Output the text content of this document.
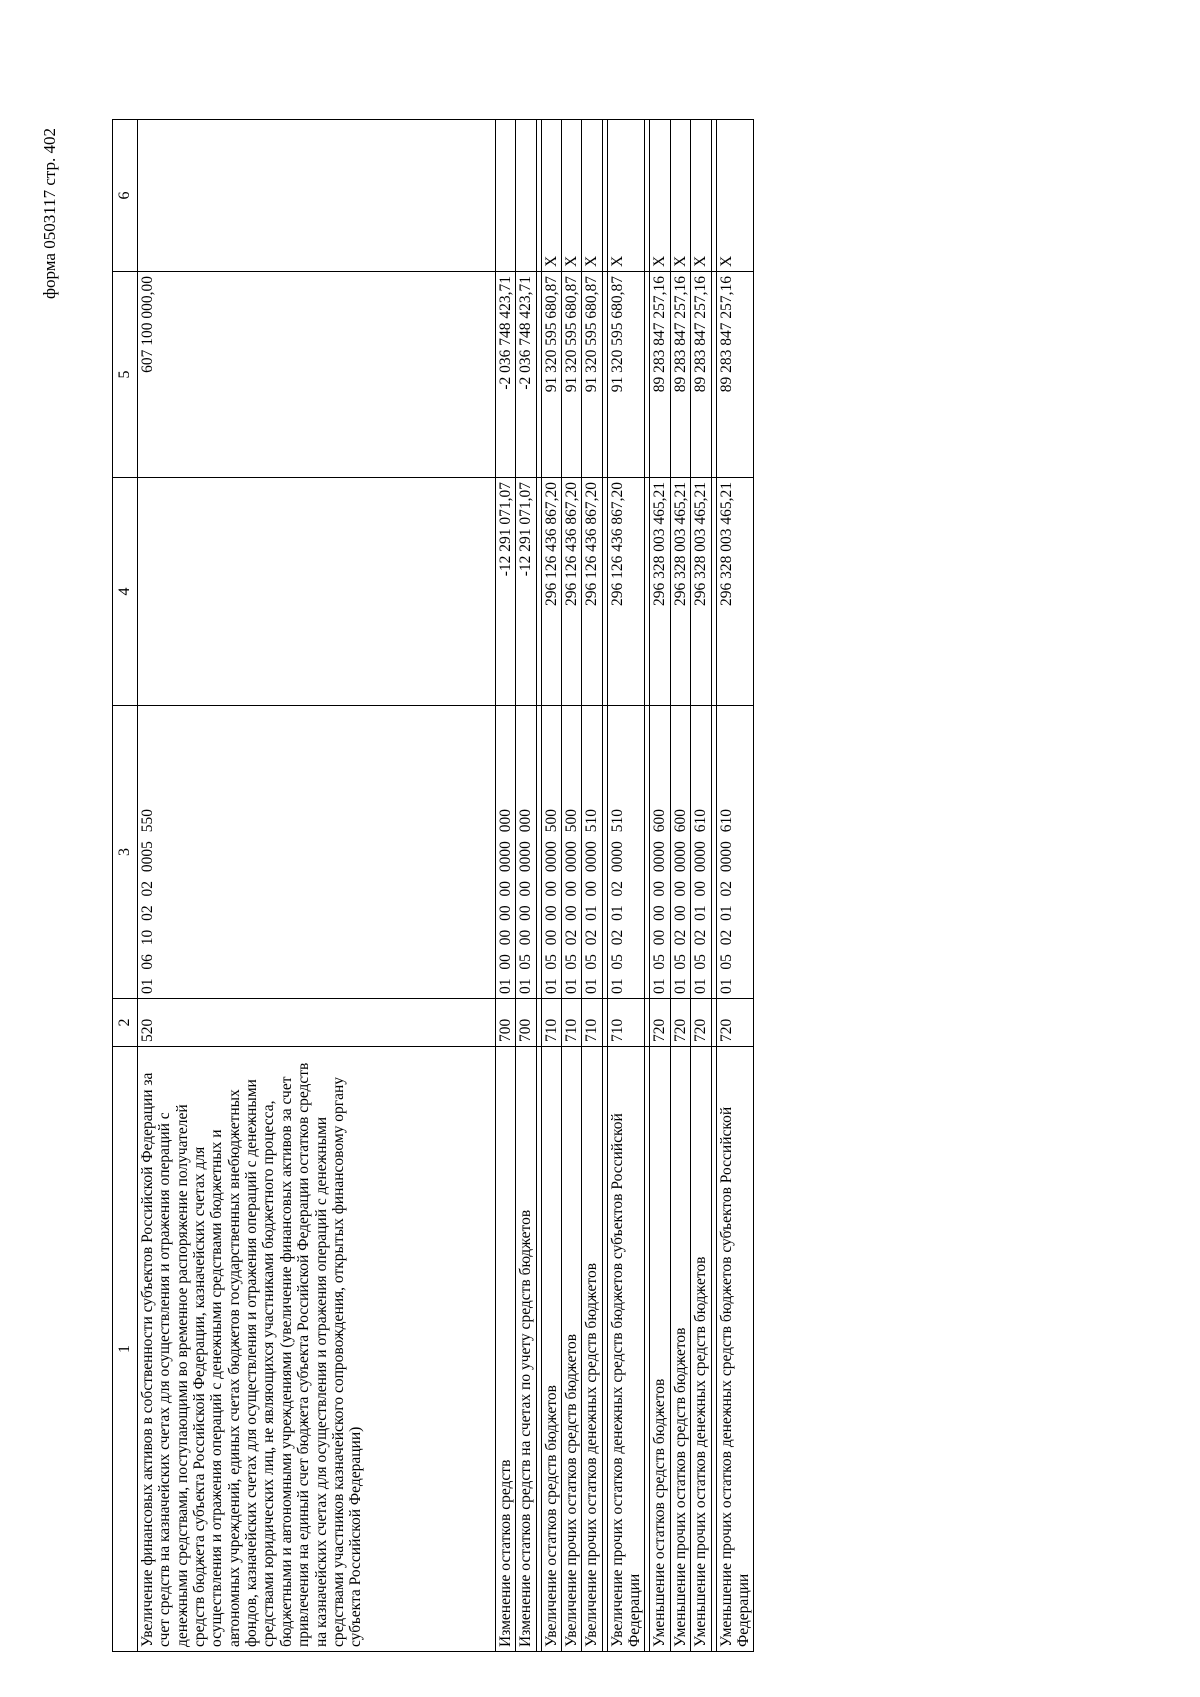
форма 0503117 стр. 402
1	2	3	4	5	6
Увеличение финансовых активов в собственности субъектов Российской Федерации за счет средств на казначейских счетах для осуществления и отражения операций с денежными средствами, поступающими во временное распоряжение получателей средств бюджета субъекта Российской Федерации, казначейских счетах для осуществления и отражения операций с денежными средствами бюджетных и автономных учреждений, единых счетах бюджетов государственных внебюджетных фондов, казначейских счетах для осуществления и отражения операций с денежными средствами юридических лиц, не являющихся участниками бюджетного процесса, бюджетными и автономными учреждениями (увеличение финансовых активов за счет привлечения на единый счет бюджета субъекта Российской Федерации остатков средств на казначейских счетах для осуществления и отражения операций с денежными средствами участников казначейского сопровождения, открытых финансовому органу субъекта Российской Федерации)	520	01 06 10 02 02 0005 550		607 100 000,00	
Изменение остатков средств	700	01 00 00 00 00 0000 000	-12 291 071,07	-2 036 748 423,71	
Изменение остатков средств на счетах по учету средств бюджетов	700	01 05 00 00 00 0000 000	-12 291 071,07	-2 036 748 423,71	

Увеличение остатков средств бюджетов	710	01 05 00 00 00 0000 500	296 126 436 867,20	91 320 595 680,87	X
Увеличение прочих остатков средств бюджетов	710	01 05 02 00 00 0000 500	296 126 436 867,20	91 320 595 680,87	X
Увеличение прочих остатков денежных средств бюджетов	710	01 05 02 01 00 0000 510	296 126 436 867,20	91 320 595 680,87	X

Увеличение прочих остатков денежных средств бюджетов субъектов Российской Федерации	710	01 05 02 01 02 0000 510	296 126 436 867,20	91 320 595 680,87	X

Уменьшение остатков средств бюджетов	720	01 05 00 00 00 0000 600	296 328 003 465,21	89 283 847 257,16	X
Уменьшение прочих остатков средств бюджетов	720	01 05 02 00 00 0000 600	296 328 003 465,21	89 283 847 257,16	X
Уменьшение прочих остатков денежных средств бюджетов	720	01 05 02 01 00 0000 610	296 328 003 465,21	89 283 847 257,16	X

Уменьшение прочих остатков денежных средств бюджетов субъектов Российской Федерации	720	01 05 02 01 02 0000 610	296 328 003 465,21	89 283 847 257,16	X
